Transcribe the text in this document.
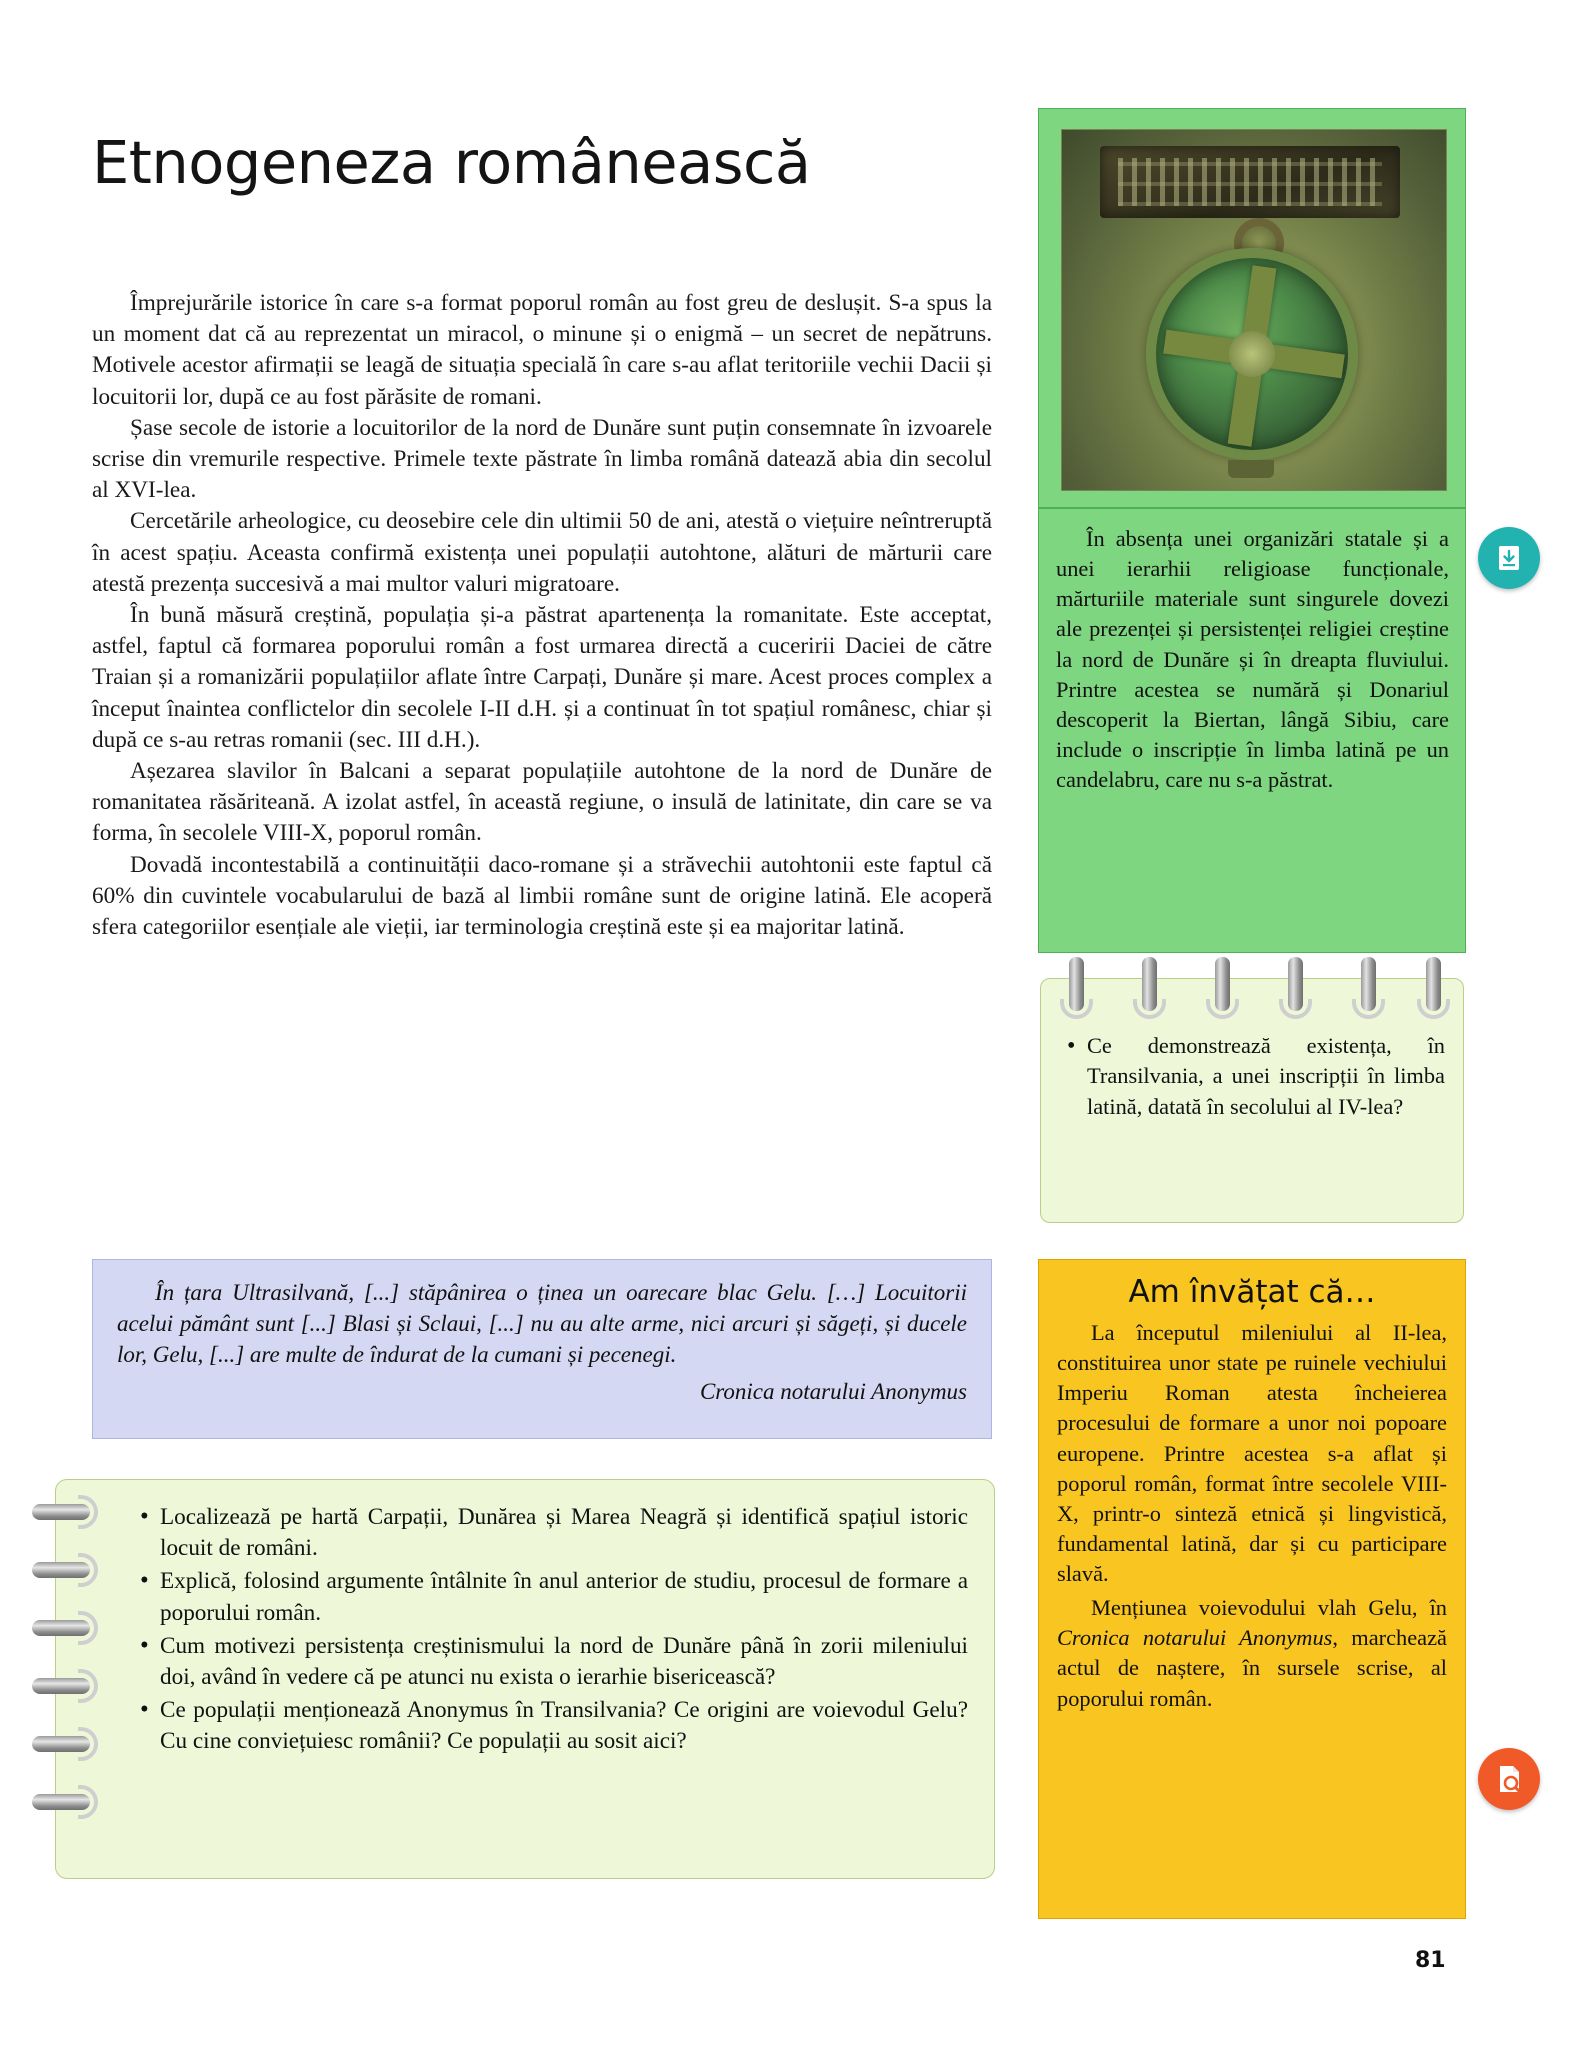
Etnogeneza românească

Împrejurările istorice în care s-a format poporul român au fost greu de deslușit. S-a spus la un moment dat că au reprezentat un miracol, o minune și o enigmă – un secret de nepătruns. Motivele acestor afirmații se leagă de situația specială în care s-au aflat teritoriile vechii Dacii și locuitorii lor, după ce au fost părăsite de romani.

Șase secole de istorie a locuitorilor de la nord de Dunăre sunt puțin consemnate în izvoarele scrise din vremurile respective. Primele texte păstrate în limba română datează abia din secolul al XVI-lea.

Cercetările arheologice, cu deosebire cele din ultimii 50 de ani, atestă o viețuire neîntreruptă în acest spațiu. Aceasta confirmă existența unei populații autohtone, alături de mărturii care atestă prezența succesivă a mai multor valuri migratoare.

În bună măsură creștină, populația și-a păstrat apartenența la romanitate. Este acceptat, astfel, faptul că formarea poporului român a fost urmarea directă a cuceririi Daciei de către Traian și a romanizării populațiilor aflate între Carpați, Dunăre și mare. Acest proces complex a început înaintea conflictelor din secolele I-II d.H. și a continuat în tot spațiul românesc, chiar și după ce s-au retras romanii (sec. III d.H.).

Așezarea slavilor în Balcani a separat populațiile autohtone de la nord de Dunăre de romanitatea răsăriteană. A izolat astfel, în această regiune, o insulă de latinitate, din care se va forma, în secolele VIII-X, poporul român.

Dovadă incontestabilă a continuității daco-romane și a străvechii autohtonii este faptul că 60% din cuvintele vocabularului de bază al limbii române sunt de origine latină. Ele acoperă sfera categoriilor esențiale ale vieții, iar terminologia creștină este și ea majoritar latină.

În absența unei organizări statale și a unei ierarhii religioase funcționale, mărturiile materiale sunt singurele dovezi ale prezenței și persistenței religiei creștine la nord de Dunăre și în dreapta fluviului. Printre acestea se numără și Donariul descoperit la Biertan, lângă Sibiu, care include o inscripție în limba latină pe un candelabru, care nu s-a păstrat.

• Ce demonstrează existența, în Transilvania, a unei inscripții în limba latină, datată în secolului al IV-lea?

În țara Ultrasilvană, [...] stăpânirea o ținea un oarecare blac Gelu. […] Locuitorii acelui pământ sunt [...] Blasi și Sclaui, [...] nu au alte arme, nici arcuri și săgeți, și ducele lor, Gelu, [...] are multe de îndurat de la cumani și pecenegi.

Cronica notarului Anonymus
• Localizează pe hartă Carpații, Dunărea și Marea Neagră și identifică spațiul istoric locuit de români.
• Explică, folosind argumente întâlnite în anul anterior de studiu, procesul de formare a poporului român.
• Cum motivezi persistența creștinismului la nord de Dunăre până în zorii mileniului doi, având în vedere că pe atunci nu exista o ierarhie bisericească?
• Ce populații menționează Anonymus în Transilvania? Ce origini are voievodul Gelu? Cu cine conviețuiesc românii? Ce populații au sosit aici?
Am învățat că…

La începutul mileniului al II-lea, constituirea unor state pe ruinele vechiului Imperiu Roman atesta încheierea procesului de formare a unor noi popoare europene. Printre acestea s-a aflat și poporul român, format între secolele VIII-X, printr-o sinteză etnică și lingvistică, fundamental latină, dar și cu participare slavă.

Mențiunea voievodului vlah Gelu, în Cronica notarului Anonymus, marchează actul de naștere, în sursele scrise, al poporului român.

81
